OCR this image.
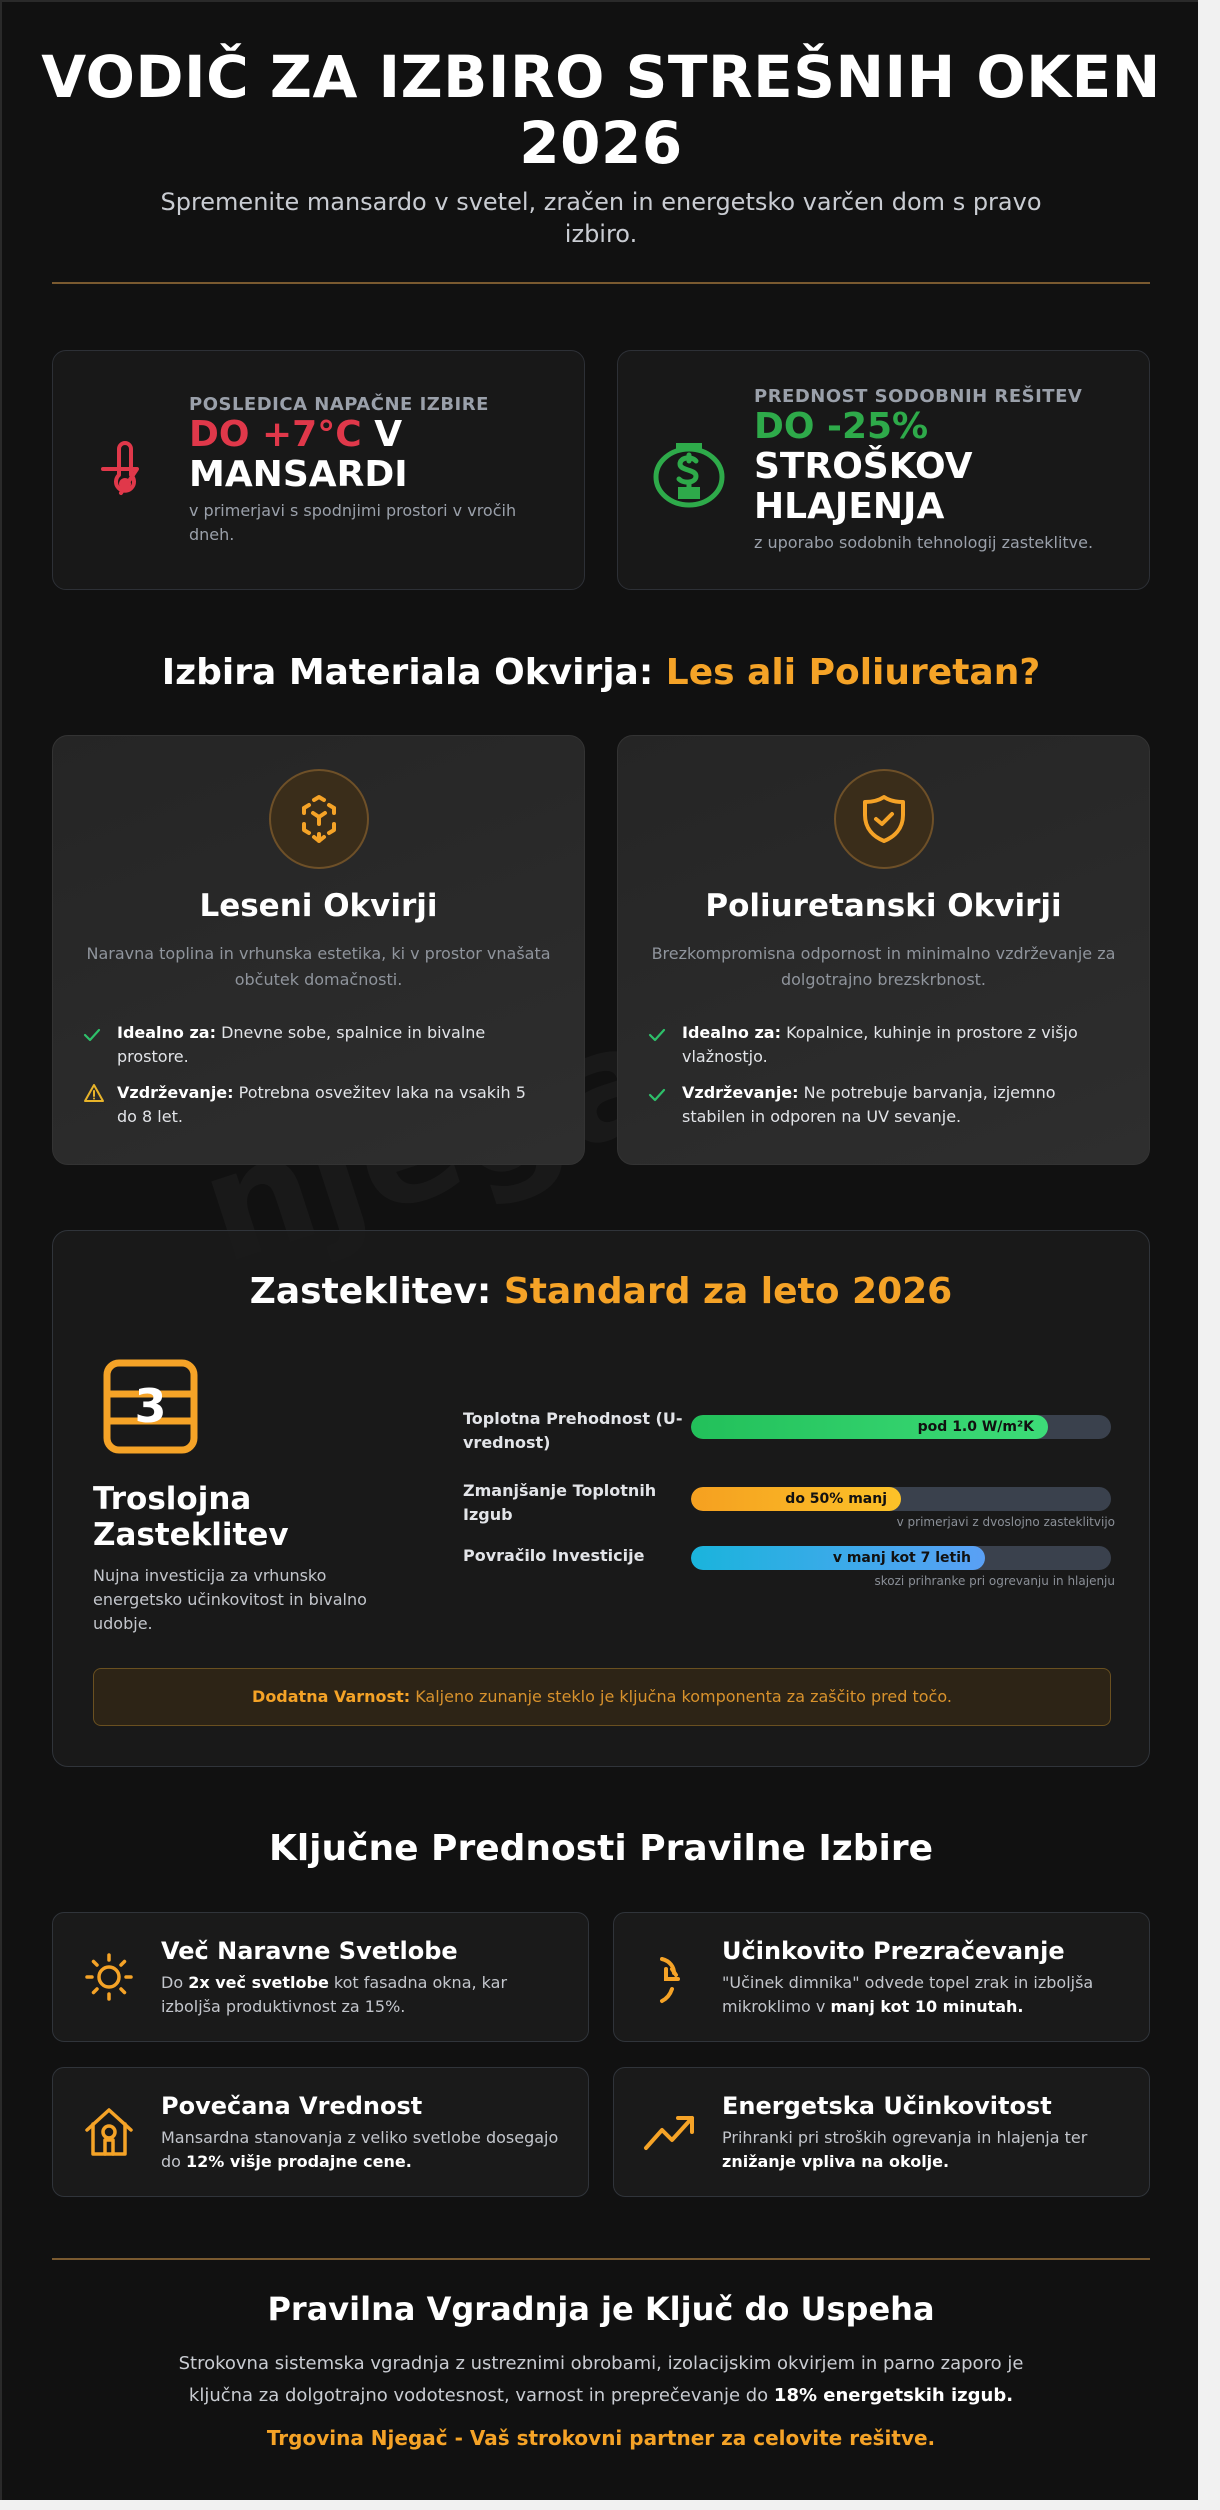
VODIČ ZA IZBIRO STREŠNIH OKEN
2026
Spremenite mansardo v svetel, zračen in energetsko varčen dom s pravo izbiro.
POSLEDICA NAPAČNE IZBIRE
DO +7°C V MANSARDI
v primerjavi s spodnjimi prostori v vročih dneh.
PREDNOST SODOBNIH REŠITEV
DO -25%
STROŠKOV HLAJENJA
z uporabo sodobnih tehnologij zasteklitve.
Izbira Materiala Okvirja: Les ali Poliuretan?
Leseni Okvirji
Naravna toplina in vrhunska estetika, ki v prostor vnašata občutek domačnosti.
Idealno za: Dnevne sobe, spalnice in bivalne prostore.
Vzdrževanje: Potrebna osvežitev laka na vsakih 5 do 8 let.
Poliuretanski Okvirji
Brezkompromisna odpornost in minimalno vzdrževanje za dolgotrajno brezskrbnost.
Idealno za: Kopalnice, kuhinje in prostore z višjo vlažnostjo.
Vzdrževanje: Ne potrebuje barvanja, izjemno stabilen in odporen na UV sevanje.
Zasteklitev: Standard za leto 2026
3
Troslojna Zasteklitev
Nujna investicija za vrhunsko energetsko učinkovitost in bivalno udobje.
Toplotna Prehodnost (U-vrednost)
pod 1.0 W/m²K
Zmanjšanje Toplotnih Izgub
do 50% manj
v primerjavi z dvoslojno zasteklitvijo
Povračilo Investicije	v manj kot 7 letih
skozi prihranke pri ogrevanju in hlajenju
Dodatna Varnost: Kaljeno zunanje steklo je ključna komponenta za zaščito pred točo.
Ključne Prednosti Pravilne Izbire
Več Naravne Svetlobe
Do 2x več svetlobe kot fasadna okna, kar izboljša produktivnost za 15%.
Učinkovito Prezračevanje
"Učinek dimnika" odvede topel zrak in izboljša mikroklimo v manj kot 10 minutah.
Povečana Vrednost
Mansardna stanovanja z veliko svetlobe dosegajo do 12% višje prodajne cene.
Energetska Učinkovitost
Prihranki pri stroških ogrevanja in hlajenja ter znižanje vpliva na okolje.
Pravilna Vgradnja je Ključ do Uspeha
Strokovna sistemska vgradnja z ustreznimi obrobami, izolacijskim okvirjem in parno zaporo je ključna za dolgotrajno vodotesnost, varnost in preprečevanje do 18% energetskih izgub.
Trgovina Njegač - Vaš strokovni partner za celovite rešitve.
